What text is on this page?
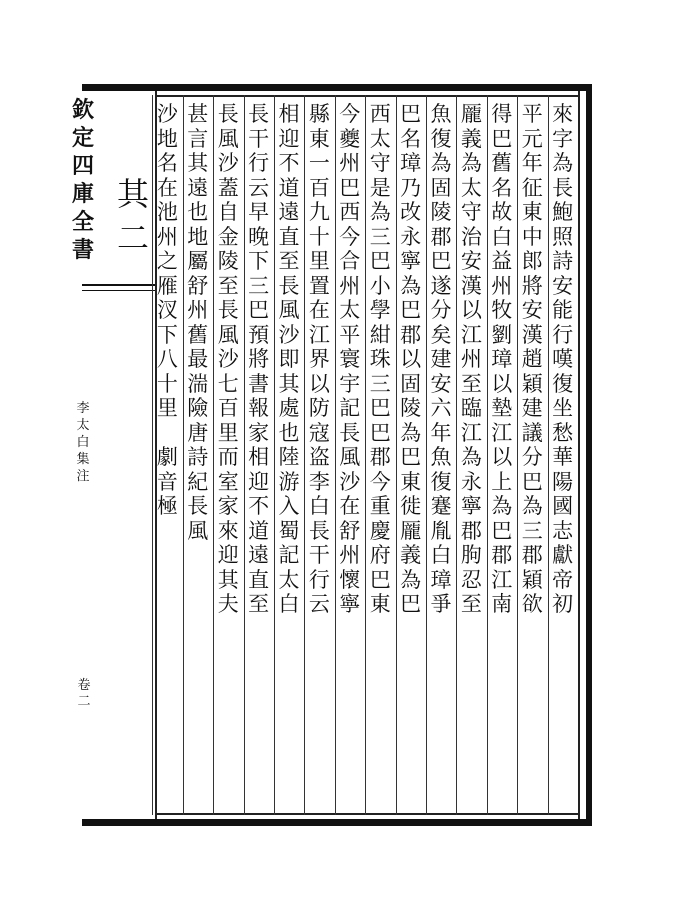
欽
定
四
庫
全
書
李
太
白
集
注
卷
二
其
二
來
字
為
長
鮑
照
詩
安
能
行
嘆
復
坐
愁
華
陽
國
志
獻
帝
初
平
元
年
征
東
中
郎
將
安
漢
趙
穎
建
議
分
巴
為
三
郡
穎
欲
得
巴
舊
名
故
白
益
州
牧
劉
璋
以
墊
江
以
上
為
巴
郡
江
南
龎
義
為
太
守
治
安
漢
以
江
州
至
臨
江
為
永
寧
郡
朐
忍
至
魚
復
為
固
陵
郡
巴
遂
分
矣
建
安
六
年
魚
復
蹇
胤
白
璋
爭
巴
名
璋
乃
改
永
寧
為
巴
郡
以
固
陵
為
巴
東
徙
龎
義
為
巴
西
太
守
是
為
三
巴
小
學
紺
珠
三
巴
巴
郡
今
重
慶
府
巴
東
今
夔
州
巴
西
今
合
州
太
平
寰
宇
記
長
風
沙
在
舒
州
懷
寧
縣
東
一
百
九
十
里
置
在
江
界
以
防
寇
盗
李
白
長
干
行
云
相
迎
不
道
遠
直
至
長
風
沙
即
其
處
也
陸
游
入
蜀
記
太
白
長
干
行
云
早
晚
下
三
巴
預
將
書
報
家
相
迎
不
道
遠
直
至
長
風
沙
蓋
自
金
陵
至
長
風
沙
七
百
里
而
室
家
來
迎
其
夫
甚
言
其
遠
也
地
屬
舒
州
舊
最
湍
險
唐
詩
紀
長
風
沙
地
名
在
池
州
之
雁
汊
下
八
十
里

劇
音
極
